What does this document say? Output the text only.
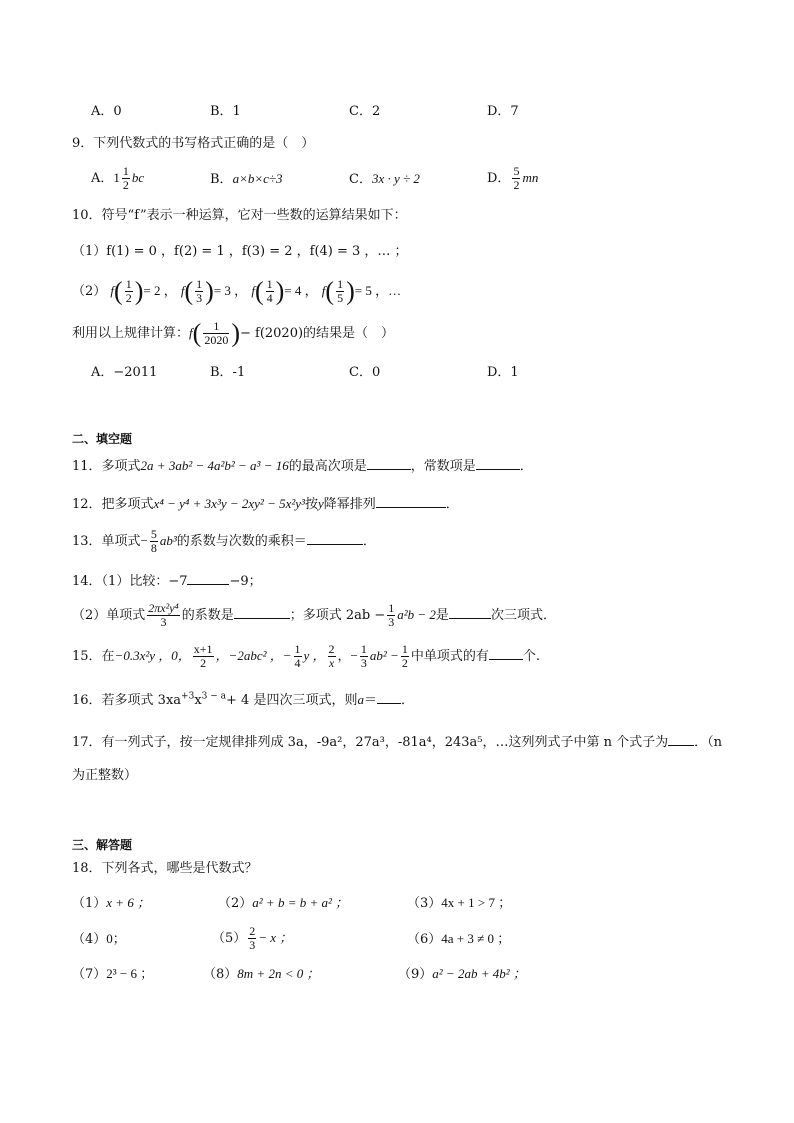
A．0	B．1	C．2	D．7
9．下列代数式的书写格式正确的是（　）
A．$1 \frac{1}{2}$ bc	B．a×b×c÷3	C．3x · y ÷ 2	D． $\frac{5}{2}$ mn
10．符号“f”表示一种运算，它对一些数的运算结果如下：
（1）f(1) = 0 ，f(2) = 1 ，f(3) = 2 ，f(4) = 3 ，… ；
（2） $f( \frac{1}{2}$ )= 2 ， $f( \frac{1}{3}$ )= 3 ， $f( \frac{1}{4}$ )= 4 ， $f( \frac{1}{5}$ )= 5 ，…
利用以上规律计算：$f( \frac{1}{2020}$ )− f(2020)的结果是（　）
A．−2011	B．-1	C．0	D．1
二、填空题
11．多项式2a + 3ab² − 4a²b² − a³ − 16的最高次项是	，常数项是	．
12．把多项式x⁴ − y⁴ + 3x³y − 2xy² − 5x²y³按y降幂排列	．
13．单项式− $\frac{5}{8} ab^3$的系数与次数的乘积＝	．
14．（1）比较：−7	−9；
（2）单项式 $\frac{\text{2πx²y⁴}}{3}$ 的系数是	；多项式 $2ab - \frac{1}{3} a^2b - 2$是	次三项式．
15．在−0.3x²y ，0， $\frac{x+1}{2}$ ，−2abc² ，− $\frac{1}{4}$ y ， $\frac{2}{x}$ ，− $\frac{1}{3} ab^2 - \frac{1}{2}$ 中单项式的有	个.
16．若多项式 $3xa^{+3}x^{3 - a}+ 4$ 是四次三项式，则a＝ ．
17．有一列式子，按一定规律排列成 3a，-9a²，27a³，-81a⁴，243a⁵，…这列列式子中第 n 个式子为 ．（n
为正整数）
三、解答题
18．下列各式，哪些是代数式？
（1）x + 6 ；	（2）a² + b = b + a² ；	（3）4x + 1 > 7 ；
（4）0；	$(5) \frac{2}{3} - x$ ；	（6）4a + 3 ≠ 0 ；
（7）2³ − 6 ；	（8）8m + 2n < 0 ；	（9）a² − 2ab + 4b² ；
